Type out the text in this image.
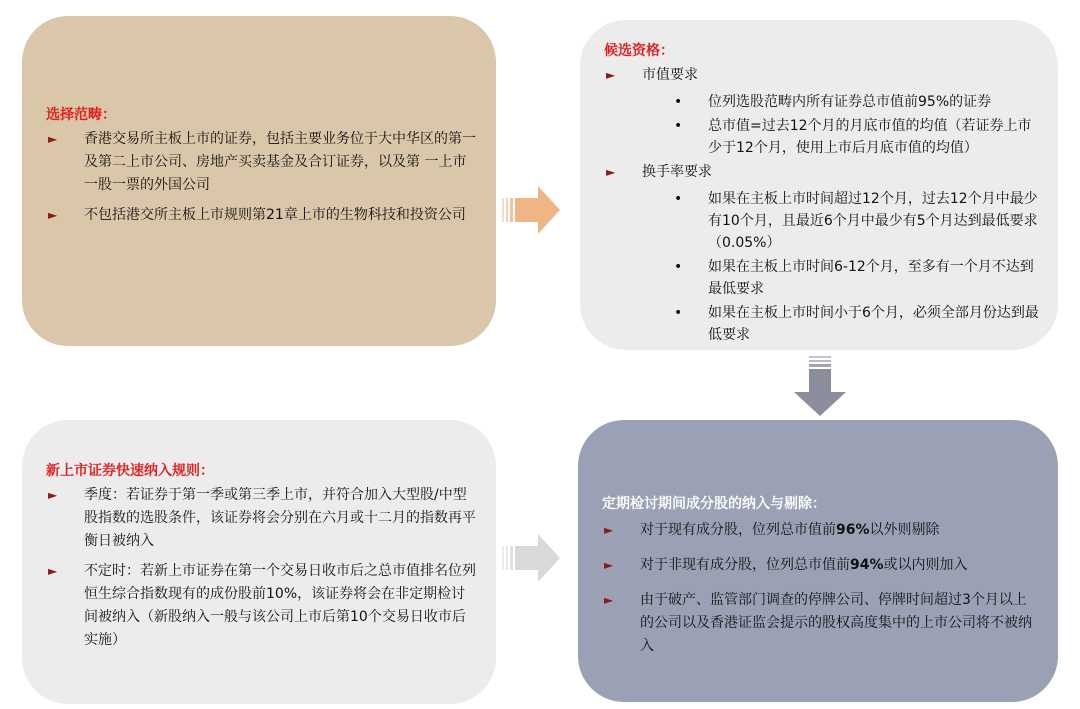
选择范畴：
►	香港交易所主板上市的证券，包括主要业务位于大中华区的第一及第二上市公司、房地产买卖基金及合订证券，以及第 一上市一股一票的外国公司
►	不包括港交所主板上市规则第21章上市的生物科技和投资公司
候选资格：
►	市值要求
•	位列选股范畴内所有证券总市值前95%的证券
•	总市值=过去12个月的月底市值的均值（若证券上市少于12个月，使用上市后月底市值的均值）
►	换手率要求
•	如果在主板上市时间超过12个月，过去12个月中最少有10个月，且最近6个月中最少有5个月达到最低要求（0.05%）
•	如果在主板上市时间6-12个月，至多有一个月不达到最低要求
•	如果在主板上市时间小于6个月，必须全部月份达到最低要求
新上市证券快速纳入规则：
►	季度：若证券于第一季或第三季上市，并符合加入大型股/中型股指数的选股条件，该证券将会分别在六月或十二月的指数再平衡日被纳入
►	不定时：若新上市证券在第一个交易日收市后之总市值排名位列恒生综合指数现有的成份股前10%，该证券将会在非定期检讨间被纳入（新股纳入一般与该公司上市后第10个交易日收市后实施）
定期检讨期间成分股的纳入与剔除：
►	对于现有成分股，位列总市值前96%以外则剔除
►	对于非现有成分股，位列总市值前94%或以内则加入
►	由于破产、监管部门调查的停牌公司、停牌时间超过3个月以上的公司以及香港证监会提示的股权高度集中的上市公司将不被纳入
